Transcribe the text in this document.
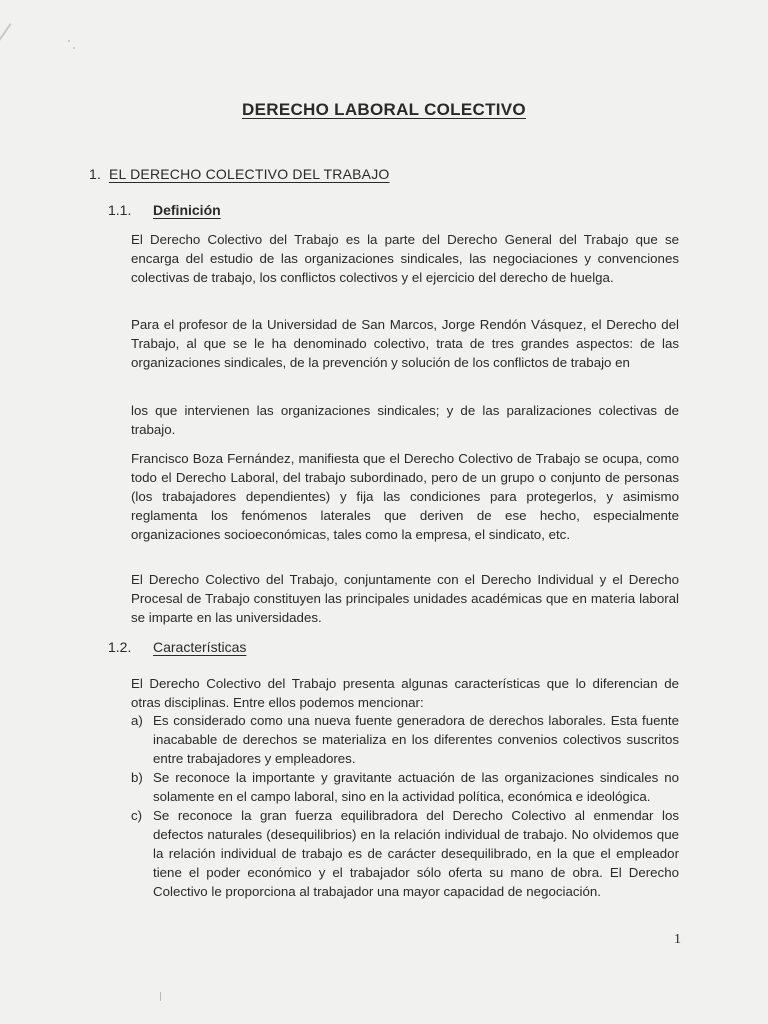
DERECHO LABORAL COLECTIVO
1. EL DERECHO COLECTIVO DEL TRABAJO
1.1. Definición

El Derecho Colectivo del Trabajo es la parte del Derecho General del Trabajo que se encarga del estudio de las organizaciones sindicales, las negociaciones y convenciones colectivas de trabajo, los conflictos colectivos y el ejercicio del derecho de huelga.

Para el profesor de la Universidad de San Marcos, Jorge Rendón Vásquez, el Derecho del Trabajo, al que se le ha denominado colectivo, trata de tres grandes aspectos: de las organizaciones sindicales, de la prevención y solución de los conflictos de trabajo en

los que intervienen las organizaciones sindicales; y de las paralizaciones colectivas de trabajo.

Francisco Boza Fernández, manifiesta que el Derecho Colectivo de Trabajo se ocupa, como todo el Derecho Laboral, del trabajo subordinado, pero de un grupo o conjunto de personas (los trabajadores dependientes) y fija las condiciones para protegerlos, y asimismo reglamenta los fenómenos laterales que deriven de ese hecho, especialmente organizaciones socioeconómicas, tales como la empresa, el sindicato, etc.

El Derecho Colectivo del Trabajo, conjuntamente con el Derecho Individual y el Derecho Procesal de Trabajo constituyen las principales unidades académicas que en materia laboral se imparte en las universidades.

1.2. Características

El Derecho Colectivo del Trabajo presenta algunas características que lo diferencian de otras disciplinas. Entre ellos podemos mencionar:

a) Es considerado como una nueva fuente generadora de derechos laborales. Esta fuente inacabable de derechos se materializa en los diferentes convenios colectivos suscritos entre trabajadores y empleadores.
b) Se reconoce la importante y gravitante actuación de las organizaciones sindicales no solamente en el campo laboral, sino en la actividad política, económica e ideológica.
c) Se reconoce la gran fuerza equilibradora del Derecho Colectivo al enmendar los defectos naturales (desequilibrios) en la relación individual de trabajo. No olvidemos que la relación individual de trabajo es de carácter desequilibrado, en la que el empleador tiene el poder económico y el trabajador sólo oferta su mano de obra. El Derecho Colectivo le proporciona al trabajador una mayor capacidad de negociación.
1
